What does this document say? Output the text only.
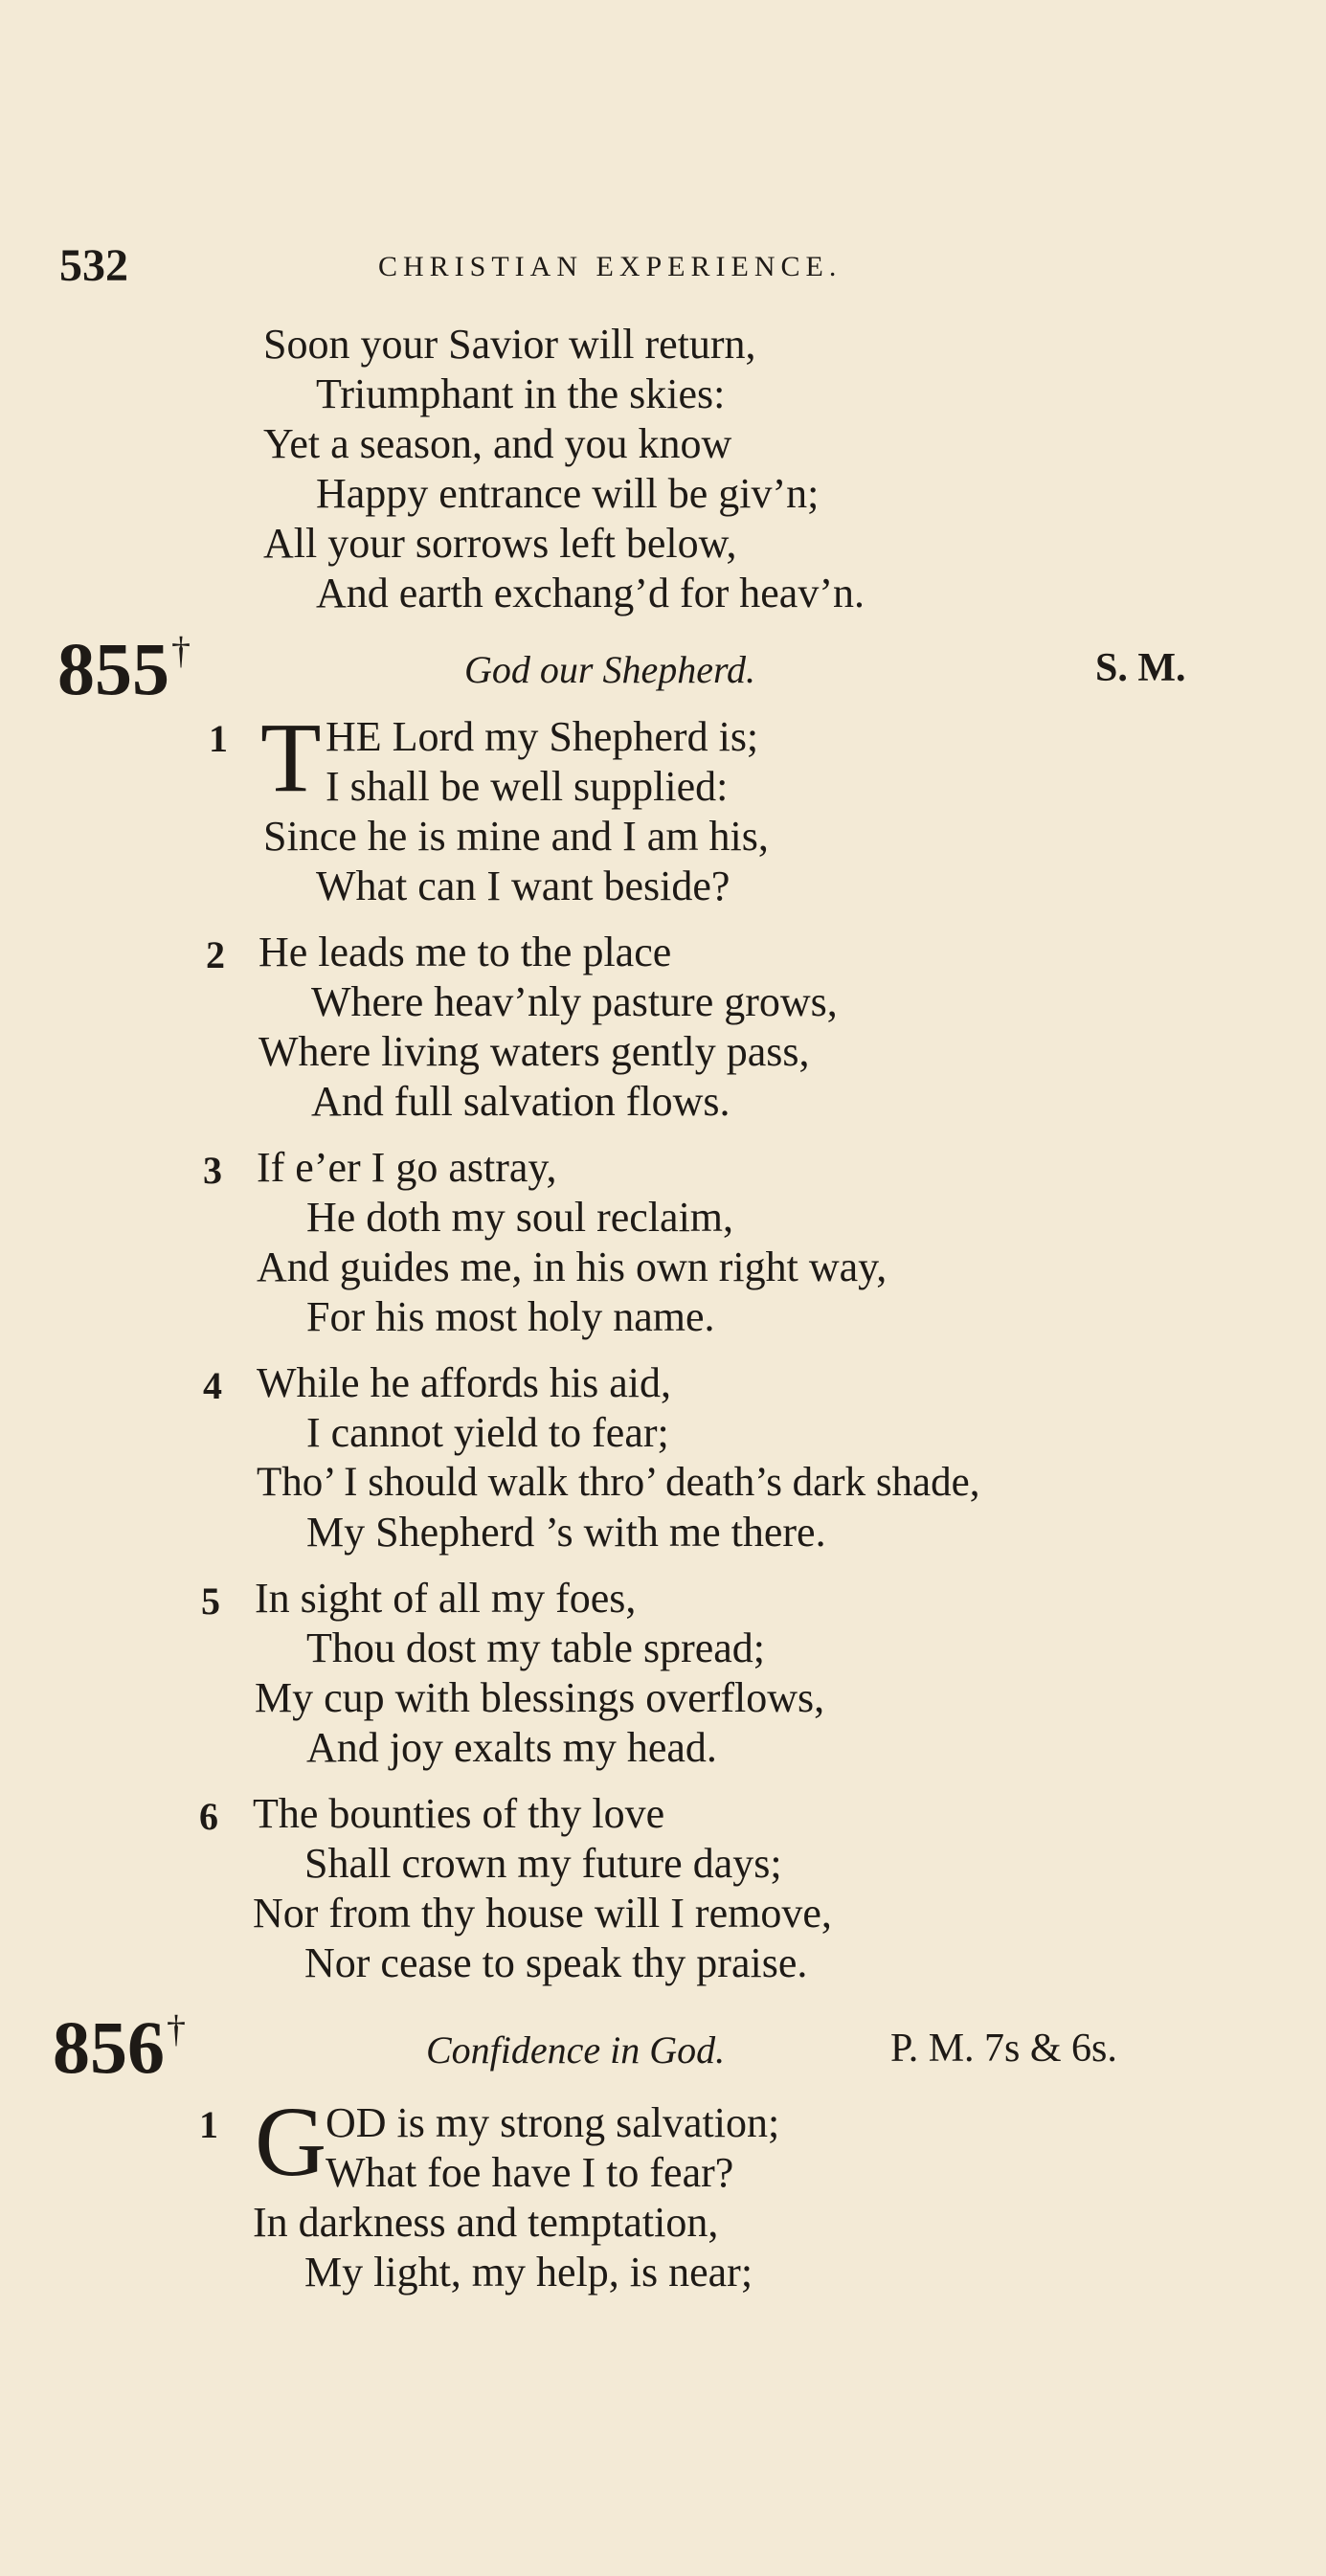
532	CHRISTIAN EXPERIENCE.
Soon your Savior will return,
Triumphant in the skies:
Yet a season, and you know
Happy entrance will be giv’n;
All your sorrows left below,
And earth exchang’d for heav’n.
855†	God our Shepherd.	S. M.
1 T HE Lord my Shepherd is;
I shall be well supplied:
Since he is mine and I am his,
What can I want beside?
2 He leads me to the place
Where heav’nly pasture grows,
Where living waters gently pass,
And full salvation flows.
3 If e’er I go astray,
He doth my soul reclaim,
And guides me, in his own right way,
For his most holy name.
4 While he affords his aid,
I cannot yield to fear;
Tho’ I should walk thro’ death’s dark shade,
My Shepherd ’s with me there.
5 In sight of all my foes,
Thou dost my table spread;
My cup with blessings overflows,
And joy exalts my head.
6 The bounties of thy love
Shall crown my future days;
Nor from thy house will I remove,
Nor cease to speak thy praise.
856†	Confidence in God.	P. M. 7s & 6s.
1 G
OD is my strong salvation;
What foe have I to fear?
In darkness and temptation,
My light, my help, is near;
